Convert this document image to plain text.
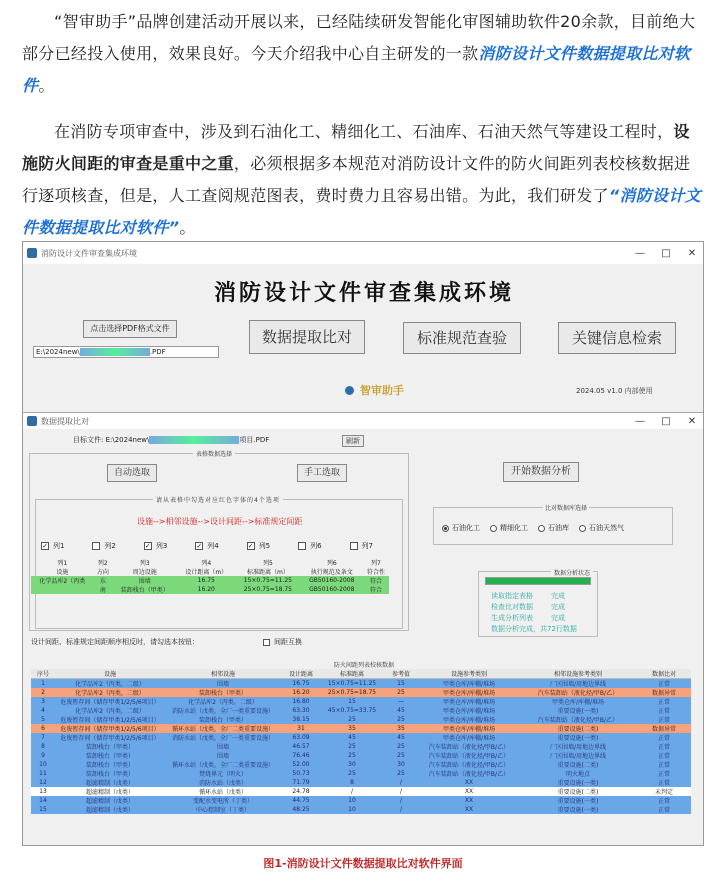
“智审助手”品牌创建活动开展以来，已经陆续研发智能化审图辅助软件20余款，目前绝大部分已经投入使用，效果良好。今天介绍我中心自主研发的一款消防设计文件数据提取比对软件。

在消防专项审查中，涉及到石油化工、精细化工、石油库、石油天然气等建设工程时，设施防火间距的审查是重中之重，必须根据多本规范对消防设计文件的防火间距列表校核数据进行逐项核查，但是，人工查阅规范图表，费时费力且容易出错。为此，我们研发了“消防设计文件数据提取比对软件”。

消防设计文件审查集成环境	—	□	✕
消防设计文件审查集成环境
点击选择PDF格式文件
E:\2024new\	.PDF
数据提取比对	标准规范查验	关键信息检索
智审助手	2024.05 v1.0 内部使用
数据提取比对	—	□	✕
目标文件: E:\2024new\	项目.PDF	刷新
表格数据选择
自动选取	手工选取	开始数据分析
请从表格中勾选对应红色字体的4个选项
设施-->相邻设施-->设计间距-->标准规定间距
✓ 列1	列2	✓ 列3	✓ 列4	✓ 列5	列6	列7
列1	列2	列3	列4	列5	列6	列7
设施	方向	周边设施	设计距离（m）	标准距离（m）	执行规范及条文	符合性
化学品库2（丙类	东	围墙	16.75	15×0.75=11.25	GB50160-2008	符合
	南	装卸栈台（甲类）	16.20	25×0.75=18.75	GB50160-2008	符合
设计间距、标准规定间距顺序相反时，请勾选本按钮：	间距互换
比对数据库选择
石油化工	精细化工	石油库	石油天然气
数据分析状态
读取指定表格	完成
检查比对数据	完成
生成分析列表	完成
数据分析完成，共72行数据
防火间距列表校核数据
序号	设施	相邻设施	设计距离	标准距离	参考值	设施参考类别	相邻设施参考类别	数据比对
1	化学品库2（丙类，二级）	围墙	16.75	15×0.75=11.25	15	甲类仓库/库棚/堆场	厂区围墙/用地边界线	正常
2	化学品库2（丙类，二级）	装卸栈台（甲类）	16.20	25×0.75=18.75	25	甲类仓库/库棚/堆场	汽车装卸站（液化烃/甲B/乙）	数据异常
3	危废暂存间（储存甲类1/2/5/6项目）	化学品库2（丙类，二级）	16.80	15	—	甲类仓库/库棚/堆场	甲类仓库/库棚/堆场	正常
4	化学品库2（丙类，二级）	消防水站（戊类，全厂一类重要设施）	63.30	45×0.75=33.75	45	甲类仓库/库棚/堆场	重要设施(一类)	正常
5	危废暂存间（储存甲类1/2/5/6项目）	装卸栈台（甲类）	38.15	25	25	甲类仓库/库棚/堆场	汽车装卸站（液化烃/甲B/乙）	正常
6	危废暂存间（储存甲类1/2/5/6项目）	循环水站（戊类，全厂二类重要设施）	31	35	35	甲类仓库/库棚/堆场	重要设施(二类)	数据异常
7	危废暂存间（储存甲类1/2/5/6项目）	消防水站（戊类，全厂一类重要设施）	63.09	45	45	甲类仓库/库棚/堆场	重要设施(一类)	正常
8	装卸栈台（甲类）	围墙	46.57	25	25	汽车装卸站（液化烃/甲B/乙）	厂区围墙/用地边界线	正常
9	装卸栈台（甲类）	围墙	76.46	25	25	汽车装卸站（液化烃/甲B/乙）	厂区围墙/用地边界线	正常
10	装卸栈台（甲类）	循环水站（戊类，全厂二类重要设施）	52.00	30	30	汽车装卸站（液化烃/甲B/乙）	重要设施(二类)	正常
11	装卸栈台（甲类）	焚烧界元（明火）	50.73	25	25	汽车装卸站（液化烃/甲B/乙）	明火地点	正常
12	超滤精制（戊类）	消防水站（戊类）	71.79	8	/	XX	重要设施(一类)	正常
13	超滤精制（戊类）	循环水站（戊类）	24.78	/	/	XX	重要设施(二类)	未判定
14	超滤精制（戊类）	变配水变电所（丁类）	44.75	10	/	XX	重要设施(一类)	正常
15	超滤精制（戊类）	中心控制室（丁类）	48.25	10	/	XX	重要设施(一类)	正常
图1-消防设计文件数据提取比对软件界面
